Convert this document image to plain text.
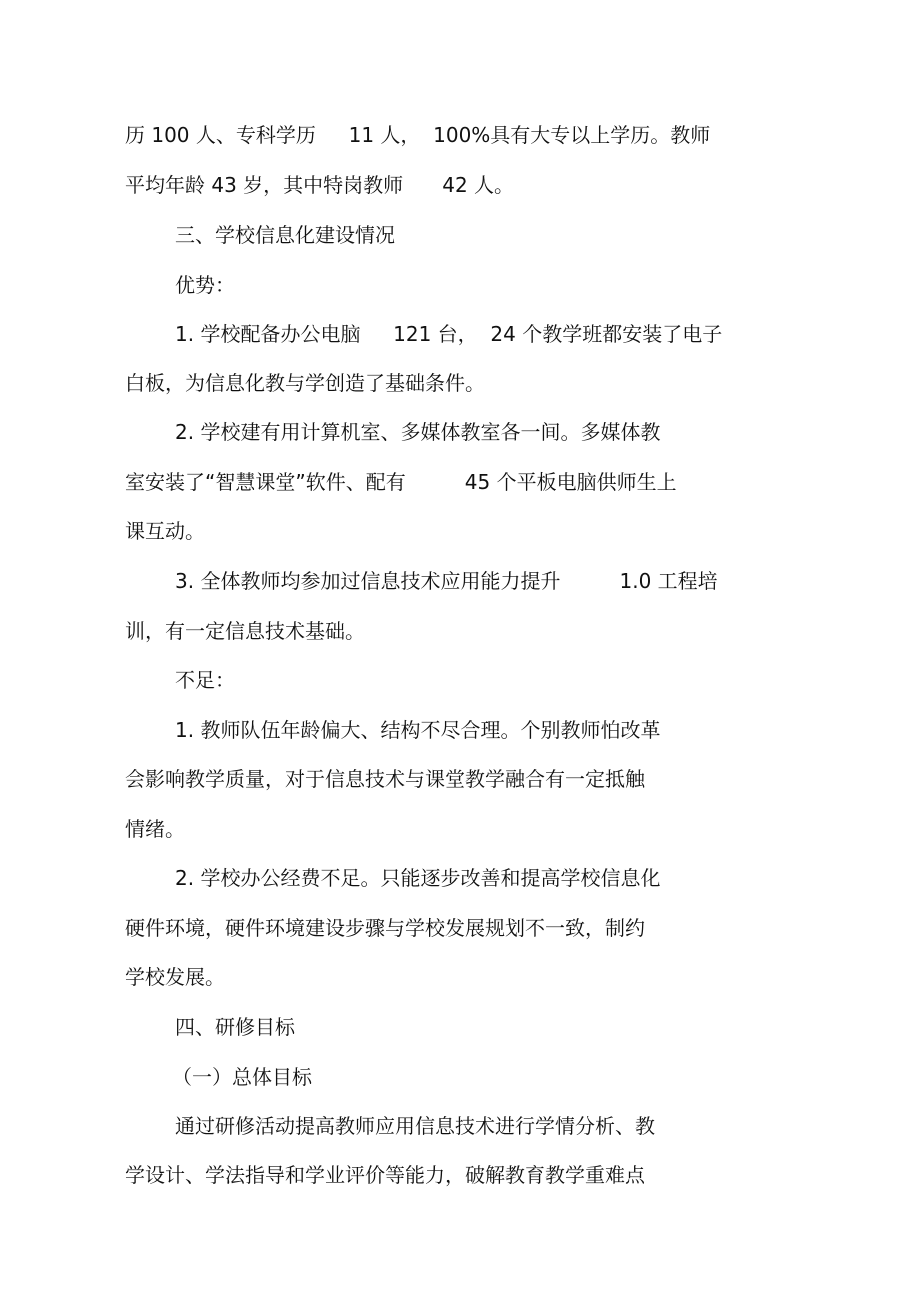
历 100 人、专科学历　  11 人，  100%具有大专以上学历。教师

平均年龄 43 岁，其中特岗教师　   42 人。

三、学校信息化建设情况

优势：

1. 学校配备办公电脑　  121 台，  24 个教学班都安装了电子

白板，为信息化教与学创造了基础条件。

2. 学校建有用计算机室、多媒体教室各一间。多媒体教

室安装了“智慧课堂”软件、配有　　   45 个平板电脑供师生上

课互动。

3. 全体教师均参加过信息技术应用能力提升　　   1.0 工程培

训，有一定信息技术基础。

不足：

1. 教师队伍年龄偏大、结构不尽合理。个别教师怕改革

会影响教学质量，对于信息技术与课堂教学融合有一定抵触

情绪。

2. 学校办公经费不足。只能逐步改善和提高学校信息化

硬件环境，硬件环境建设步骤与学校发展规划不一致，制约

学校发展。

四、研修目标

（一）总体目标

通过研修活动提高教师应用信息技术进行学情分析、教

学设计、学法指导和学业评价等能力，破解教育教学重难点
